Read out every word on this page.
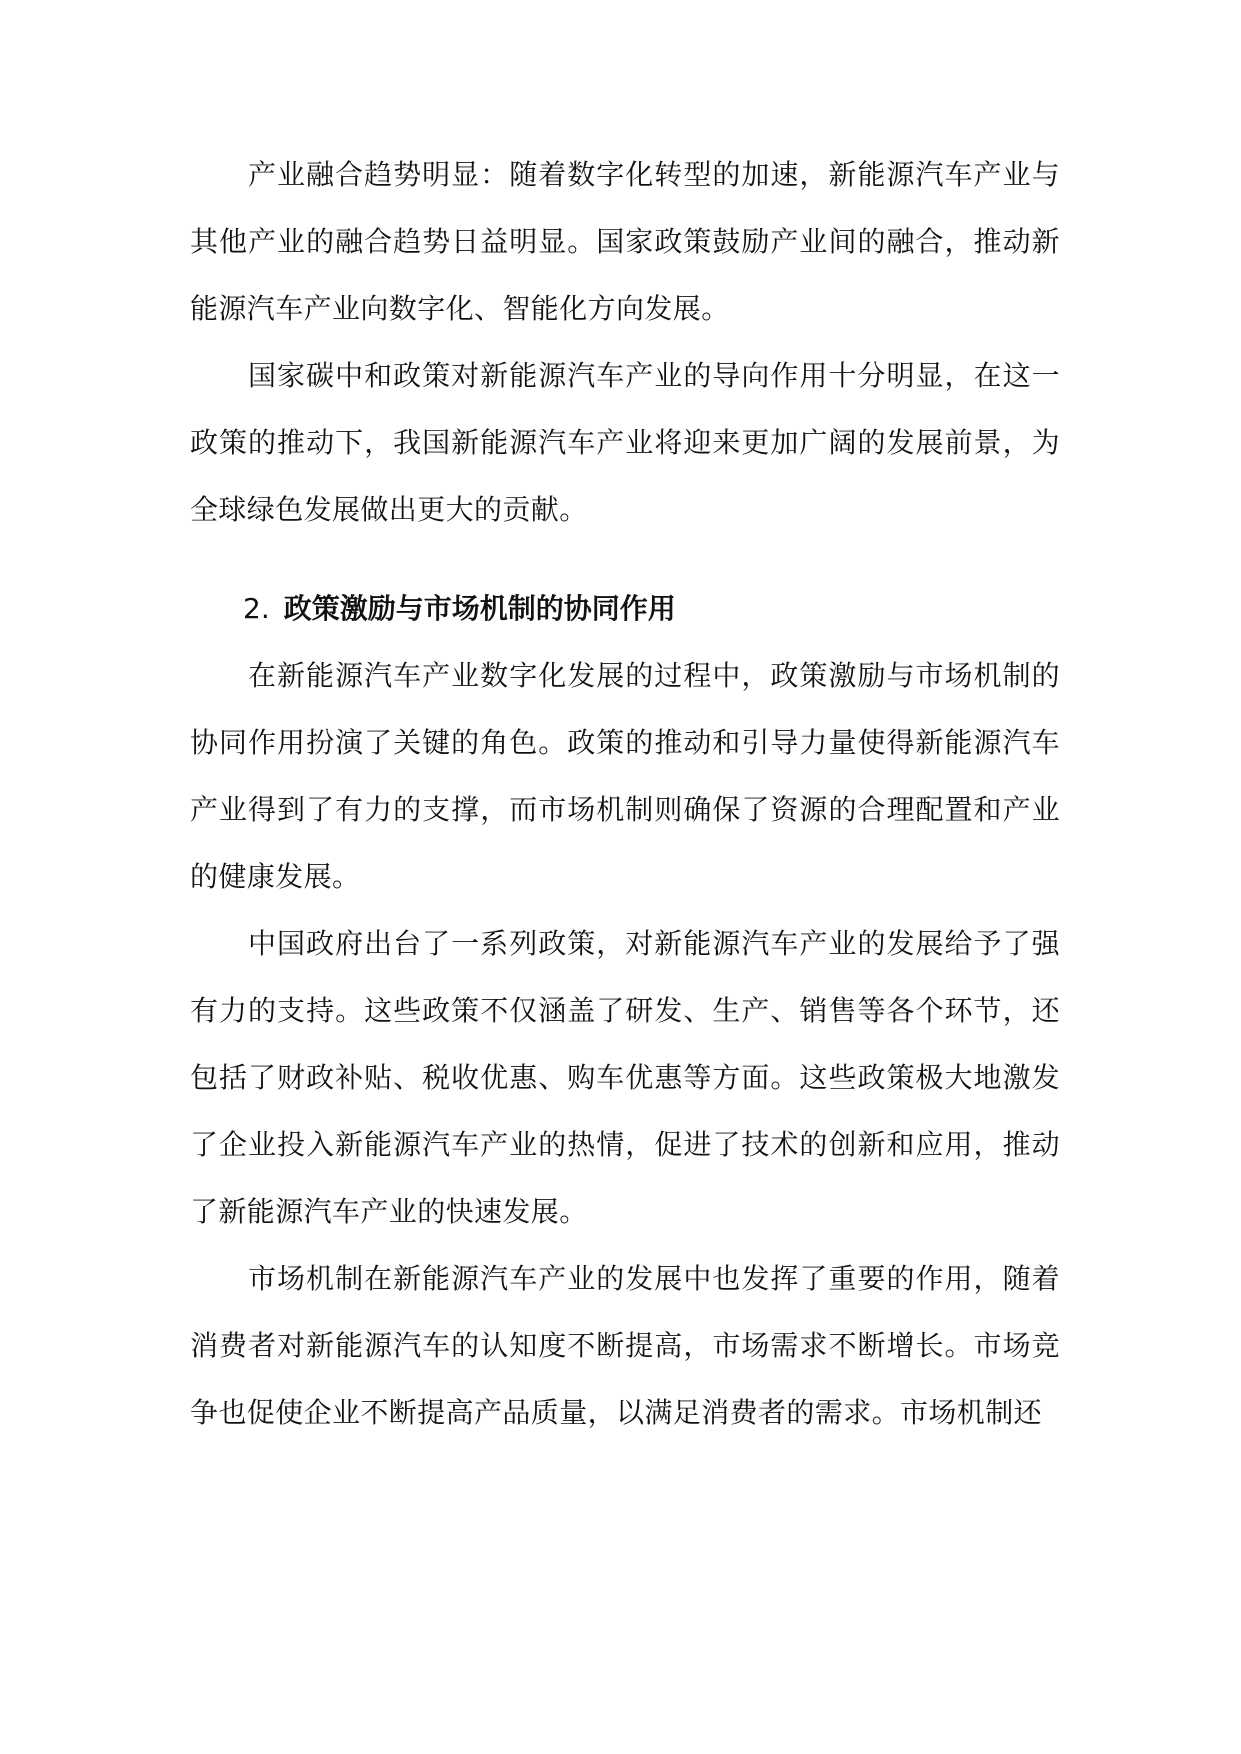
产业融合趋势明显：随着数字化转型的加速，新能源汽车产业与其他产业的融合趋势日益明显。国家政策鼓励产业间的融合，推动新能源汽车产业向数字化、智能化方向发展。

国家碳中和政策对新能源汽车产业的导向作用十分明显，在这一政策的推动下，我国新能源汽车产业将迎来更加广阔的发展前景，为全球绿色发展做出更大的贡献。

2. 政策激励与市场机制的协同作用

在新能源汽车产业数字化发展的过程中，政策激励与市场机制的协同作用扮演了关键的角色。政策的推动和引导力量使得新能源汽车产业得到了有力的支撑，而市场机制则确保了资源的合理配置和产业的健康发展。

中国政府出台了一系列政策，对新能源汽车产业的发展给予了强有力的支持。这些政策不仅涵盖了研发、生产、销售等各个环节，还包括了财政补贴、税收优惠、购车优惠等方面。这些政策极大地激发了企业投入新能源汽车产业的热情，促进了技术的创新和应用，推动了新能源汽车产业的快速发展。

市场机制在新能源汽车产业的发展中也发挥了重要的作用，随着消费者对新能源汽车的认知度不断提高，市场需求不断增长。市场竞争也促使企业不断提高产品质量，以满足消费者的需求。市场机制还
